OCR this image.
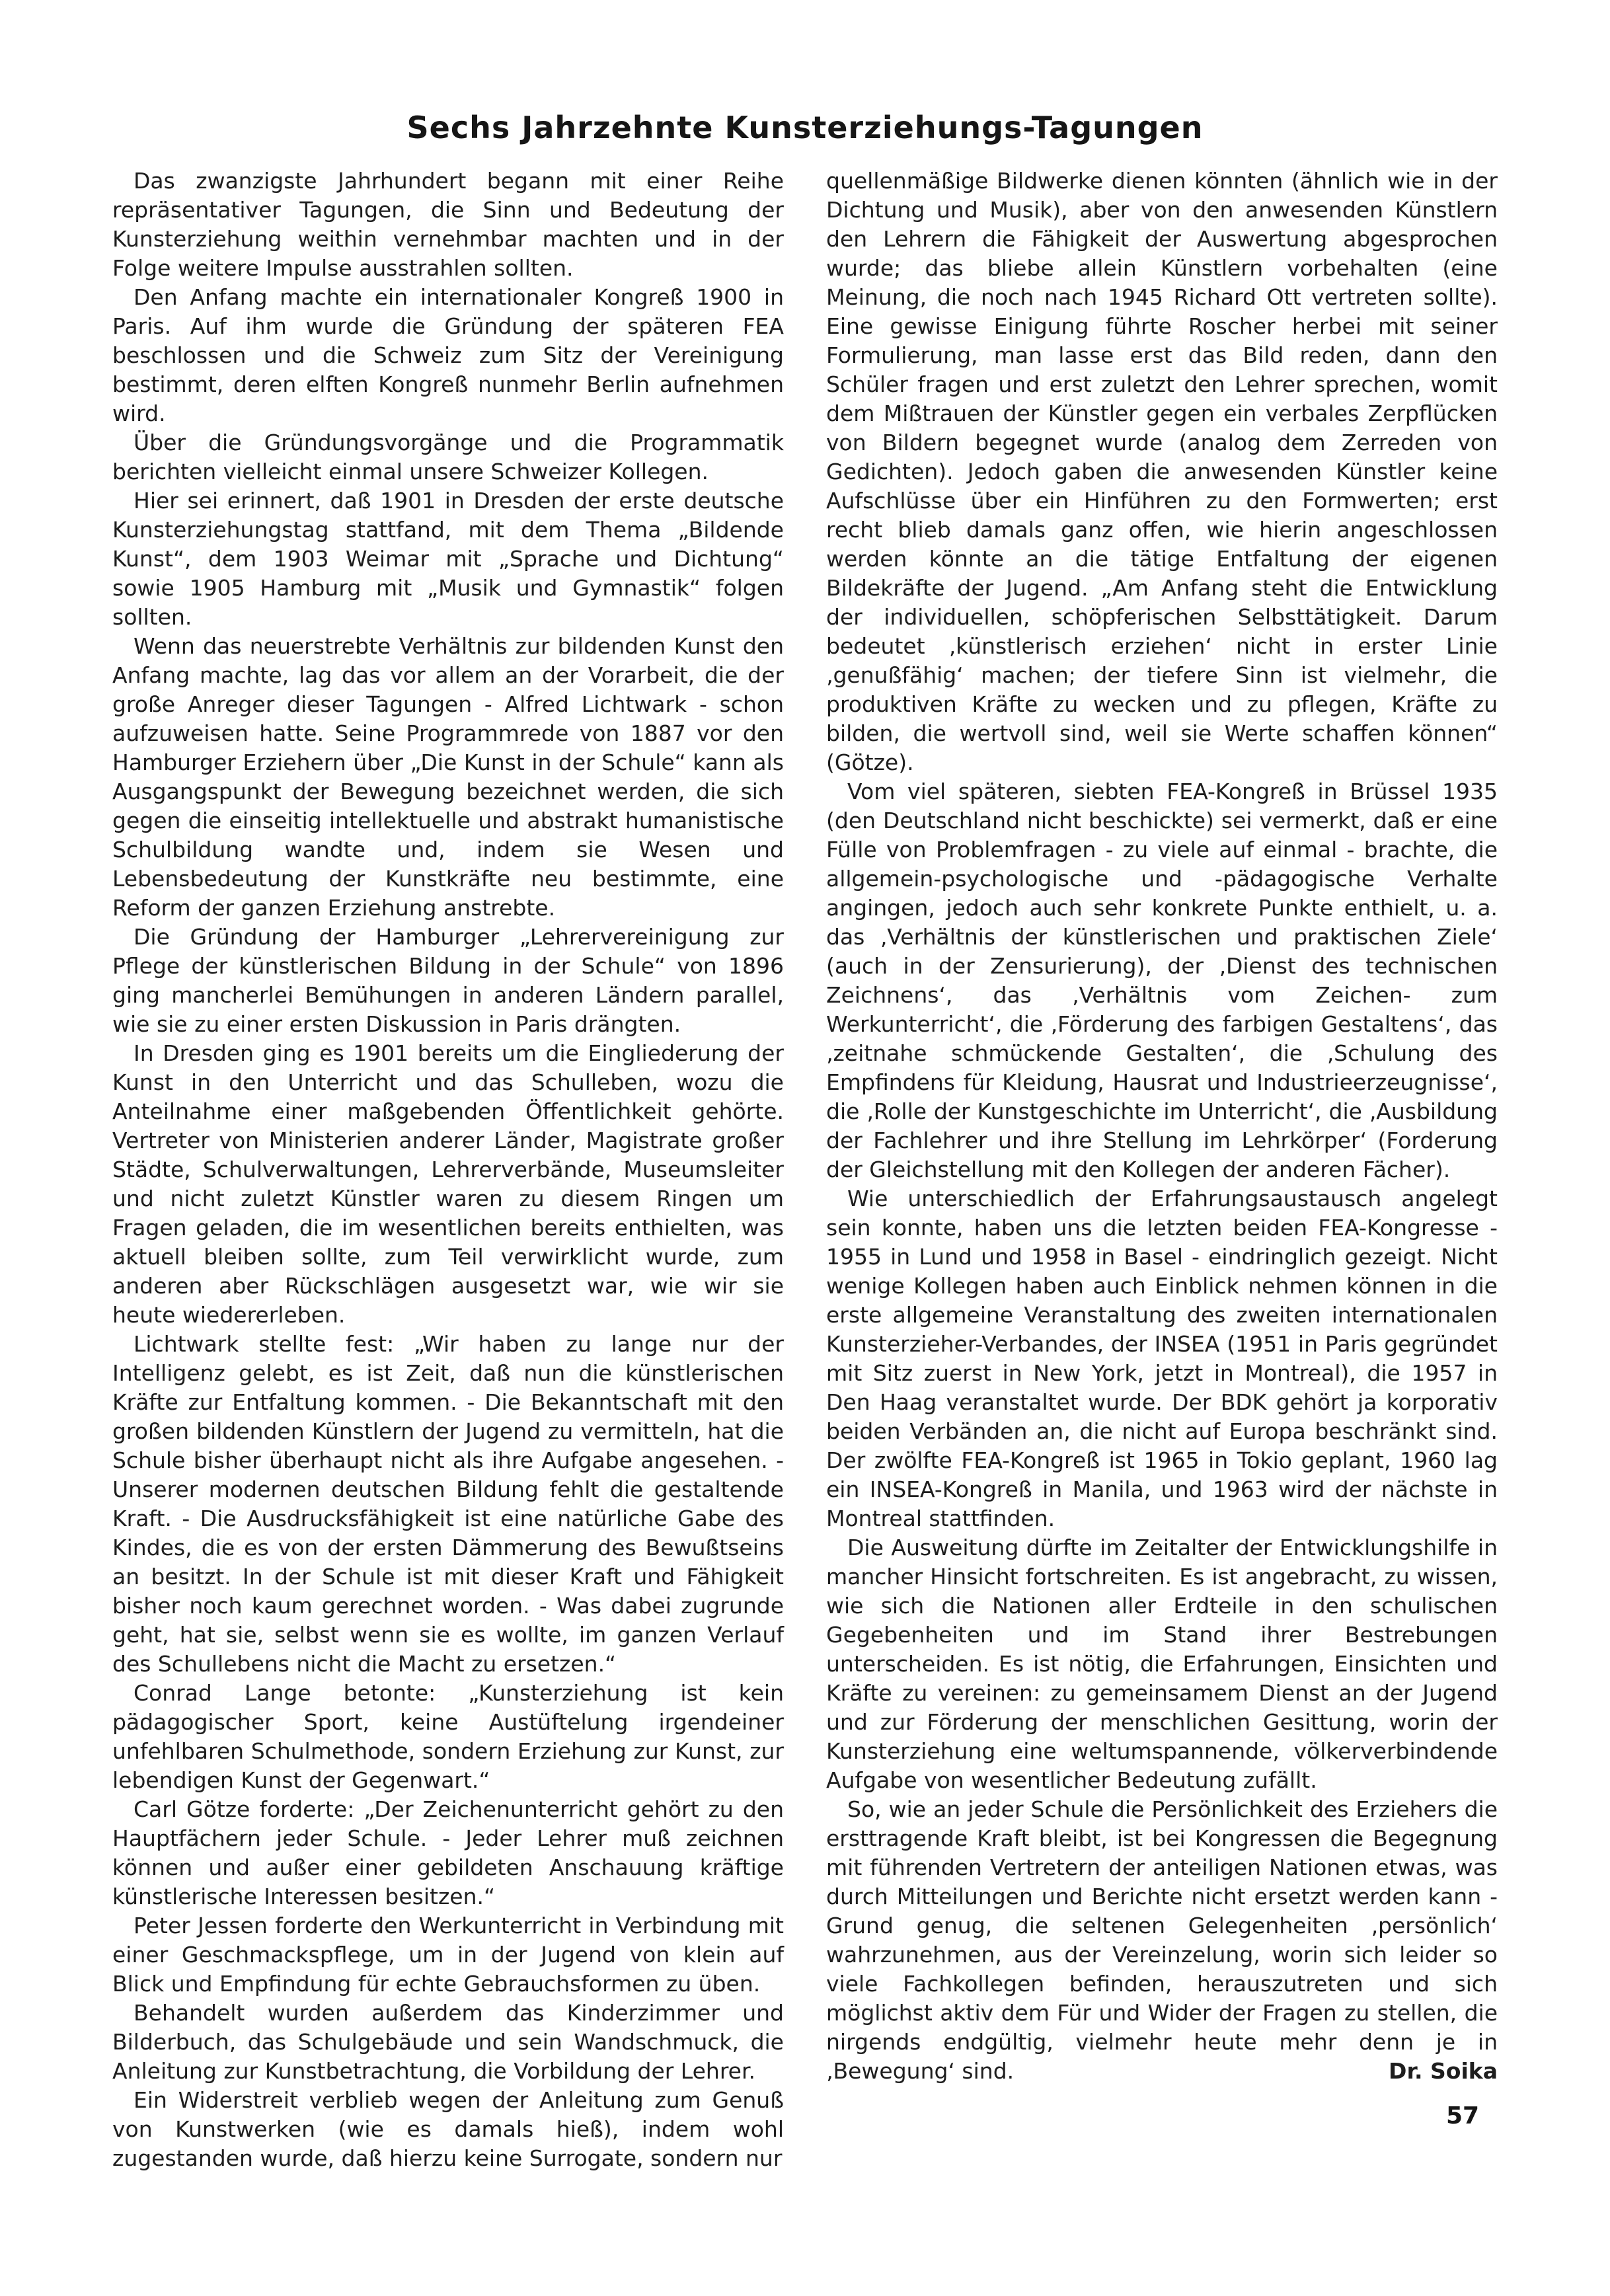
Sechs Jahrzehnte Kunsterziehungs-Tagungen

Das zwanzigste Jahrhundert begann mit einer Reihe repräsentativer Tagungen, die Sinn und Bedeutung der Kunsterziehung weithin vernehmbar machten und in der Folge weitere Impulse ausstrahlen sollten.

Den Anfang machte ein internationaler Kongreß 1900 in Paris. Auf ihm wurde die Gründung der späteren FEA beschlossen und die Schweiz zum Sitz der Vereinigung bestimmt, deren elften Kongreß nunmehr Berlin aufnehmen wird.

Über die Gründungsvorgänge und die Programmatik berichten vielleicht einmal unsere Schweizer Kollegen.

Hier sei erinnert, daß 1901 in Dresden der erste deutsche Kunsterziehungstag stattfand, mit dem Thema „Bildende Kunst“, dem 1903 Weimar mit „Sprache und Dichtung“ sowie 1905 Hamburg mit „Musik und Gymnastik“ folgen sollten.

Wenn das neuerstrebte Verhältnis zur bildenden Kunst den Anfang machte, lag das vor allem an der Vorarbeit, die der große Anreger dieser Tagungen - Alfred Lichtwark - schon aufzuweisen hatte. Seine Programmrede von 1887 vor den Hamburger Erziehern über „Die Kunst in der Schule“ kann als Ausgangspunkt der Bewegung bezeichnet werden, die sich gegen die einseitig intellektuelle und abstrakt humanistische Schulbildung wandte und, indem sie Wesen und Lebensbedeutung der Kunstkräfte neu bestimmte, eine Reform der ganzen Erziehung anstrebte.

Die Gründung der Hamburger „Lehrervereinigung zur Pflege der künstlerischen Bildung in der Schule“ von 1896 ging mancherlei Bemühungen in anderen Ländern parallel, wie sie zu einer ersten Diskussion in Paris drängten.

In Dresden ging es 1901 bereits um die Eingliederung der Kunst in den Unterricht und das Schulleben, wozu die Anteilnahme einer maßgebenden Öffentlichkeit gehörte. Vertreter von Ministerien anderer Länder, Magistrate großer Städte, Schulverwaltungen, Lehrerverbände, Museumsleiter und nicht zuletzt Künstler waren zu diesem Ringen um Fragen geladen, die im wesentlichen bereits enthielten, was aktuell bleiben sollte, zum Teil verwirklicht wurde, zum anderen aber Rückschlägen ausgesetzt war, wie wir sie heute wiedererleben.

Lichtwark stellte fest: „Wir haben zu lange nur der Intelligenz gelebt, es ist Zeit, daß nun die künstlerischen Kräfte zur Entfaltung kommen. - Die Bekanntschaft mit den großen bildenden Künstlern der Jugend zu vermitteln, hat die Schule bisher überhaupt nicht als ihre Aufgabe angesehen. - Unserer modernen deutschen Bildung fehlt die gestaltende Kraft. - Die Ausdrucksfähigkeit ist eine natürliche Gabe des Kindes, die es von der ersten Dämmerung des Bewußtseins an besitzt. In der Schule ist mit dieser Kraft und Fähigkeit bisher noch kaum gerechnet worden. - Was dabei zugrunde geht, hat sie, selbst wenn sie es wollte, im ganzen Verlauf des Schullebens nicht die Macht zu ersetzen.“

Conrad Lange betonte: „Kunsterziehung ist kein pädagogischer Sport, keine Austüftelung irgendeiner unfehlbaren Schulmethode, sondern Erziehung zur Kunst, zur lebendigen Kunst der Gegenwart.“

Carl Götze forderte: „Der Zeichenunterricht gehört zu den Hauptfächern jeder Schule. - Jeder Lehrer muß zeichnen können und außer einer gebildeten Anschauung kräftige künstlerische Interessen besitzen.“

Peter Jessen forderte den Werkunterricht in Verbindung mit einer Geschmackspflege, um in der Jugend von klein auf Blick und Empfindung für echte Gebrauchsformen zu üben.

Behandelt wurden außerdem das Kinderzimmer und Bilderbuch, das Schulgebäude und sein Wandschmuck, die Anleitung zur Kunstbetrachtung, die Vorbildung der Lehrer.

Ein Widerstreit verblieb wegen der Anleitung zum Genuß von Kunstwerken (wie es damals hieß), indem wohl zugestanden wurde, daß hierzu keine Surrogate, sondern nur

quellenmäßige Bildwerke dienen könnten (ähnlich wie in der Dichtung und Musik), aber von den anwesenden Künstlern den Lehrern die Fähigkeit der Auswertung abgesprochen wurde; das bliebe allein Künstlern vorbehalten (eine Meinung, die noch nach 1945 Richard Ott vertreten sollte). Eine gewisse Einigung führte Roscher herbei mit seiner Formulierung, man lasse erst das Bild reden, dann den Schüler fragen und erst zuletzt den Lehrer sprechen, womit dem Mißtrauen der Künstler gegen ein verbales Zerpflücken von Bildern begegnet wurde (analog dem Zerreden von Gedichten). Jedoch gaben die anwesenden Künstler keine Aufschlüsse über ein Hinführen zu den Formwerten; erst recht blieb damals ganz offen, wie hierin angeschlossen werden könnte an die tätige Entfaltung der eigenen Bildekräfte der Jugend. „Am Anfang steht die Entwicklung der individuellen, schöpferischen Selbsttätigkeit. Darum bedeutet ‚künstlerisch erziehen‘ nicht in erster Linie ‚genußfähig‘ machen; der tiefere Sinn ist vielmehr, die produktiven Kräfte zu wecken und zu pflegen, Kräfte zu bilden, die wertvoll sind, weil sie Werte schaffen können“ (Götze).

Vom viel späteren, siebten FEA-Kongreß in Brüssel 1935 (den Deutschland nicht beschickte) sei vermerkt, daß er eine Fülle von Problemfragen - zu viele auf einmal - brachte, die allgemein-psychologische und -pädagogische Verhalte angingen, jedoch auch sehr konkrete Punkte enthielt, u. a. das ‚Verhältnis der künstlerischen und praktischen Ziele‘ (auch in der Zensurierung), der ‚Dienst des technischen Zeichnens‘, das ‚Verhältnis vom Zeichen- zum Werkunterricht‘, die ‚Förderung des farbigen Gestaltens‘, das ‚zeitnahe schmückende Gestalten‘, die ‚Schulung des Empfindens für Kleidung, Hausrat und Industrieerzeugnisse‘, die ‚Rolle der Kunstgeschichte im Unterricht‘, die ‚Ausbildung der Fachlehrer und ihre Stellung im Lehrkörper‘ (Forderung der Gleichstellung mit den Kollegen der anderen Fächer).

Wie unterschiedlich der Erfahrungsaustausch angelegt sein konnte, haben uns die letzten beiden FEA-Kongresse - 1955 in Lund und 1958 in Basel - eindringlich gezeigt. Nicht wenige Kollegen haben auch Einblick nehmen können in die erste allgemeine Veranstaltung des zweiten internationalen Kunsterzieher-Verbandes, der INSEA (1951 in Paris gegründet mit Sitz zuerst in New York, jetzt in Montreal), die 1957 in Den Haag veranstaltet wurde. Der BDK gehört ja korporativ beiden Verbänden an, die nicht auf Europa beschränkt sind. Der zwölfte FEA-Kongreß ist 1965 in Tokio geplant, 1960 lag ein INSEA-Kongreß in Manila, und 1963 wird der nächste in Montreal stattfinden.

Die Ausweitung dürfte im Zeitalter der Entwicklungshilfe in mancher Hinsicht fortschreiten. Es ist angebracht, zu wissen, wie sich die Nationen aller Erdteile in den schulischen Gegebenheiten und im Stand ihrer Bestrebungen unterscheiden. Es ist nötig, die Erfahrungen, Einsichten und Kräfte zu vereinen: zu gemeinsamem Dienst an der Jugend und zur Förderung der menschlichen Gesittung, worin der Kunsterziehung eine weltumspannende, völkerverbindende Aufgabe von wesentlicher Bedeutung zufällt.

So, wie an jeder Schule die Persönlichkeit des Erziehers die ersttragende Kraft bleibt, ist bei Kongressen die Begegnung mit führenden Vertretern der anteiligen Nationen etwas, was durch Mitteilungen und Berichte nicht ersetzt werden kann - Grund genug, die seltenen Gelegenheiten ‚persönlich‘ wahrzunehmen, aus der Vereinzelung, worin sich leider so viele Fachkollegen befinden, herauszutreten und sich möglichst aktiv dem Für und Wider der Fragen zu stellen, die nirgends endgültig, vielmehr heute mehr denn je in ‚Bewegung‘ sind.	Dr. Soika

57
